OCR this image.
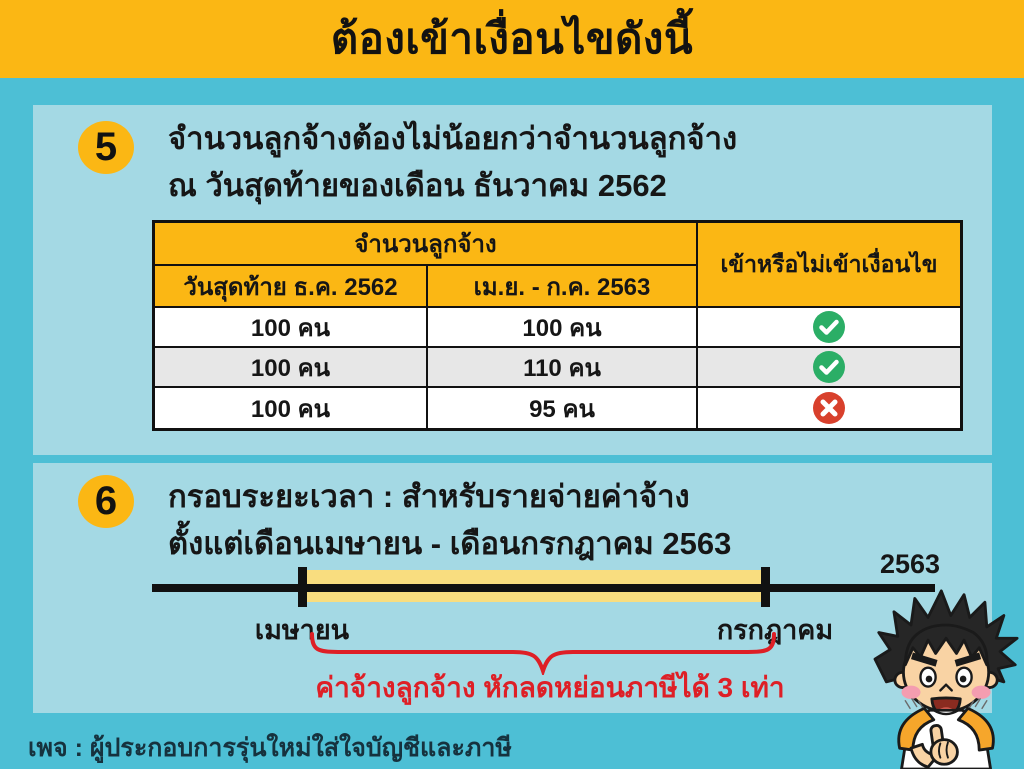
ต้องเข้าเงื่อนไขดังนี้
5 จำนวนลูกจ้างต้องไม่น้อยกว่าจำนวนลูกจ้าง
ณ วันสุดท้ายของเดือน ธันวาคม 2562
จำนวนลูกจ้าง
เข้าหรือไม่เข้าเงื่อนไข
วันสุดท้าย ธ.ค. 2562	เม.ย. - ก.ค. 2563
100 คน	100 คน
100 คน	110 คน
100 คน	95 คน
6 กรอบระยะเวลา : สำหรับรายจ่ายค่าจ้าง
ตั้งแต่เดือนเมษายน - เดือนกรกฎาคม 2563
2563
เมษายน	กรกฎาคม
ค่าจ้างลูกจ้าง หักลดหย่อนภาษีได้ 3 เท่า
เพจ : ผู้ประกอบการรุ่นใหม่ใส่ใจบัญชีและภาษี
